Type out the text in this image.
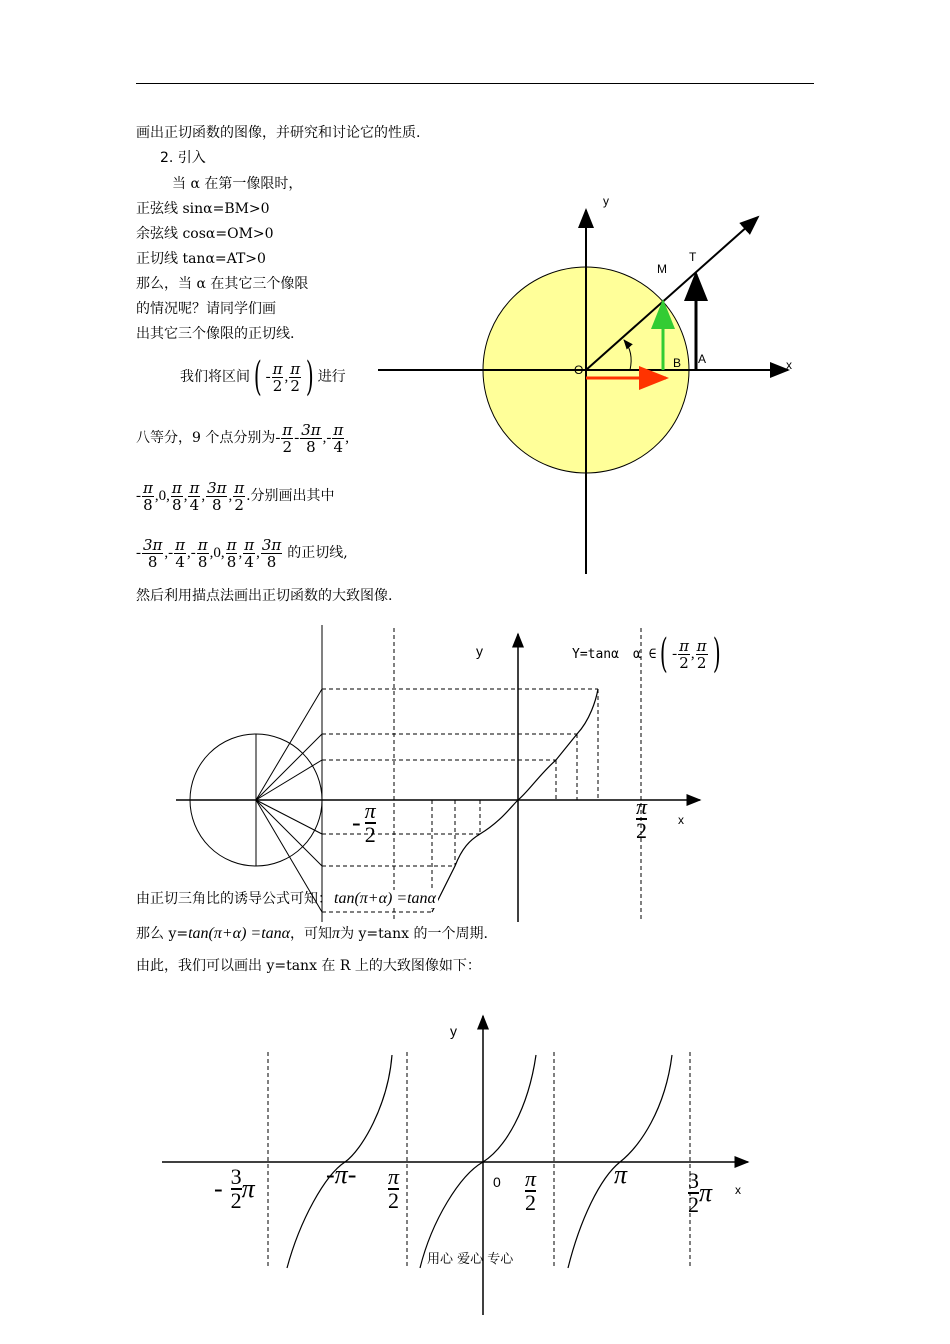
画出正切函数的图像，并研究和讨论它的性质.
2. 引入
当 α 在第一像限时，
正弦线 sinα=BM>0
余弦线 cosα=OM>0
正切线 tanα=AT>0
那么，当 α 在其它三个像限
的情况呢？请同学们画
出其它三个像限的正切线.
我们将区间 ( - $\frac{\pi}{2}$ , $\frac{\pi}{2}$ ) 进行
八等分，9 个点分别为 - $\frac{\pi}{2} - \frac{3\pi}{8}$ , - $\frac{\pi}{4}$ ,
- $\frac{\pi}{8}$ , 0 , $\frac{\pi}{8}$ , $\frac{\pi}{4}$ , $\frac{3\pi}{8}$ , $\frac{\pi}{2}$ .分别画出其中
- $\frac{3\pi}{8}$ , - $\frac{\pi}{4}$ , - $\frac{\pi}{8}$ , 0 , $\frac{\pi}{8}$ , $\frac{\pi}{4}$ , $\frac{3\pi}{8}$ 的正切线,
然后利用描点法画出正切函数的大致图像.
y
x
O
M
T
B A
y
x
- π
2	$\frac{\pi}{2}$
Y=tanα α ∈ ( - $\frac{\pi}{2}$ , $\frac{\pi}{2}$ )
由正切三角比的诱导公式可知： tan(π+α) =tanα
那么 y= tan(π+α) =tanα ，可知 π 为 y=tanx 的一个周期.
由此，我们可以画出 y=tanx 在 R 上的大致图像如下：
y
0
- 3
2 π	- π - $\frac{\pi}{2}$	$\frac{\pi}{2}$	π	3
2 π x
用心 爱心 专心
